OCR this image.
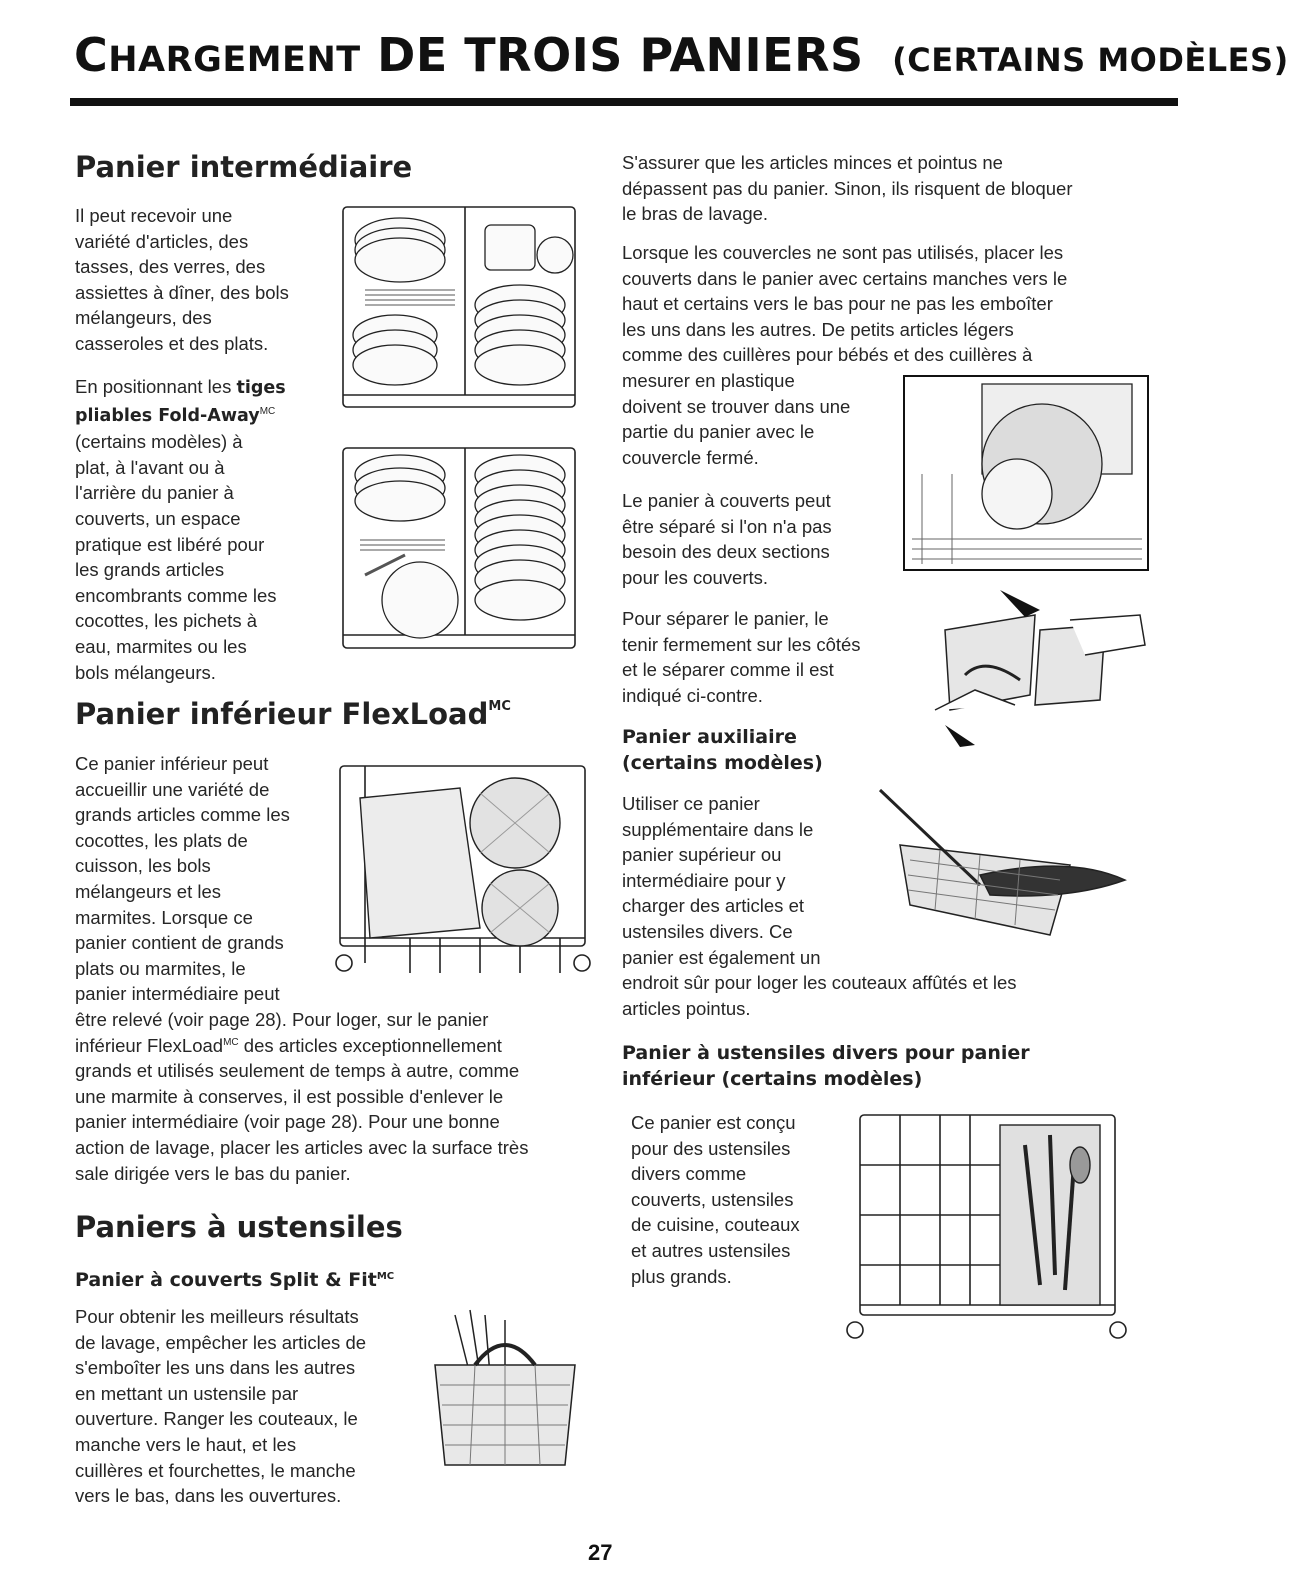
CHARGEMENT DE TROIS PANIERS (CERTAINS MODÈLES)
Panier intermédiaire
Il peut recevoir une
variété d'articles, des
tasses, des verres, des
assiettes à dîner, des bols
mélangeurs, des
casseroles et des plats.
En positionnant les tiges
pliables Fold-Away$^{MC}$
(certains modèles) à
plat, à l'avant ou à
l'arrière du panier à
couverts, un espace
pratique est libéré pour
les grands articles
encombrants comme les
cocottes, les pichets à
eau, marmites ou les
bols mélangeurs.
Panier inférieur FlexLoad$^{MC}$
Ce panier inférieur peut
accueillir une variété de
grands articles comme les
cocottes, les plats de
cuisson, les bols
mélangeurs et les
marmites. Lorsque ce
panier contient de grands
plats ou marmites, le
panier intermédiaire peut
être relevé (voir page 28). Pour loger, sur le panier
inférieur FlexLoad$^{MC}$ des articles exceptionnellement
grands et utilisés seulement de temps à autre, comme
une marmite à conserves, il est possible d'enlever le
panier intermédiaire (voir page 28). Pour une bonne
action de lavage, placer les articles avec la surface très
sale dirigée vers le bas du panier.
Paniers à ustensiles
Panier à couverts Split & Fit$^{MC}$
Pour obtenir les meilleurs résultats
de lavage, empêcher les articles de
s'emboîter les uns dans les autres
en mettant un ustensile par
ouverture. Ranger les couteaux, le
manche vers le haut, et les
cuillères et fourchettes, le manche
vers le bas, dans les ouvertures.
S'assurer que les articles minces et pointus ne
dépassent pas du panier. Sinon, ils risquent de bloquer
le bras de lavage.
Lorsque les couvercles ne sont pas utilisés, placer les
couverts dans le panier avec certains manches vers le
haut et certains vers le bas pour ne pas les emboîter
les uns dans les autres. De petits articles légers
comme des cuillères pour bébés et des cuillères à
mesurer en plastique
doivent se trouver dans une
partie du panier avec le
couvercle fermé.
Le panier à couverts peut
être séparé si l'on n'a pas
besoin des deux sections
pour les couverts.
Pour séparer le panier, le
tenir fermement sur les côtés
et le séparer comme il est
indiqué ci-contre.
Panier auxiliaire
(certains modèles)
Utiliser ce panier
supplémentaire dans le
panier supérieur ou
intermédiaire pour y
charger des articles et
ustensiles divers. Ce
panier est également un
endroit sûr pour loger les couteaux affûtés et les
articles pointus.
Panier à ustensiles divers pour panier
inférieur (certains modèles)
Ce panier est conçu
pour des ustensiles
divers comme
couverts, ustensiles
de cuisine, couteaux
et autres ustensiles
plus grands.
27
